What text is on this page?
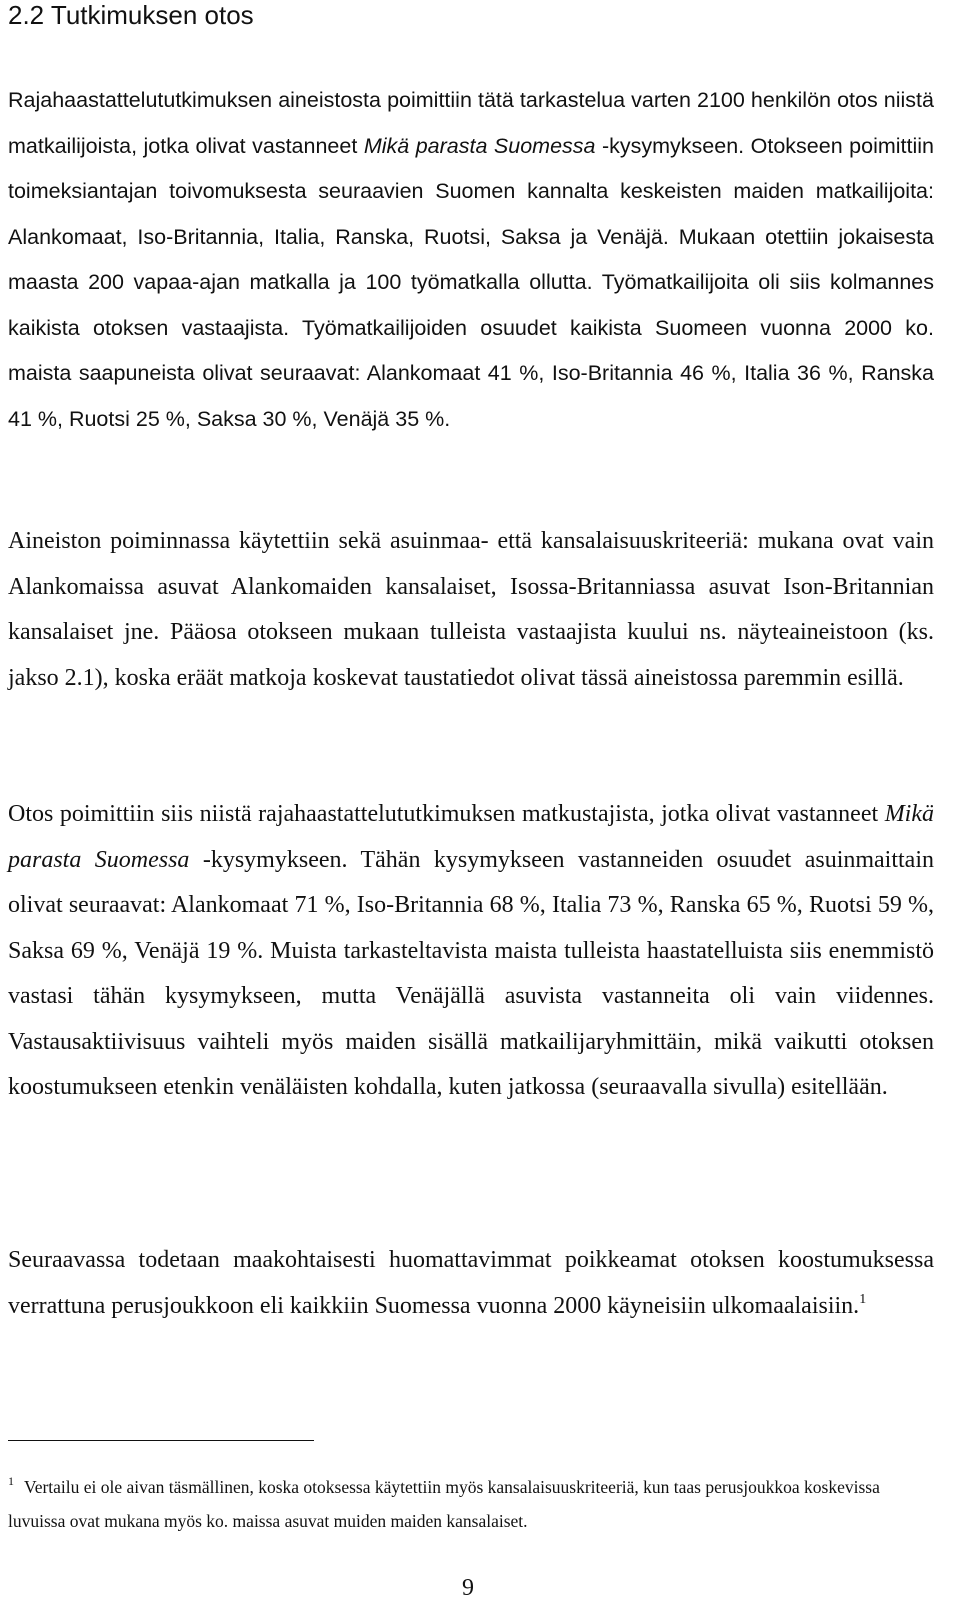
2.2 Tutkimuksen otos

Rajahaastattelututkimuksen aineistosta poimittiin tätä tarkastelua varten 2100 henkilön otos niistä matkailijoista, jotka olivat vastanneet Mikä parasta Suomessa -kysymykseen. Otokseen poimittiin toimeksiantajan toivomuksesta seuraavien Suomen kannalta keskeisten maiden matkailijoita: Alankomaat, Iso-Britannia, Italia, Ranska, Ruotsi, Saksa ja Venäjä. Mukaan otettiin jokaisesta maasta 200 vapaa-ajan matkalla ja 100 työmatkalla ollutta. Työmatkailijoita oli siis kolmannes kaikista otoksen vastaajista. Työmatkailijoiden osuudet kaikista Suomeen vuonna 2000 ko. maista saapuneista olivat seuraavat: Alankomaat 41 %, Iso-Britannia 46 %, Italia 36 %, Ranska 41 %, Ruotsi 25 %, Saksa 30 %, Venäjä 35 %.

Aineiston poiminnassa käytettiin sekä asuinmaa- että kansalaisuuskriteeriä: mukana ovat vain Alankomaissa asuvat Alankomaiden kansalaiset, Isossa-Britanniassa asuvat Ison-Britannian kansalaiset jne. Pääosa otokseen mukaan tulleista vastaajista kuului ns. näyteaineistoon (ks. jakso 2.1), koska eräät matkoja koskevat taustatiedot olivat tässä aineistossa paremmin esillä.

Otos poimittiin siis niistä rajahaastattelututkimuksen matkustajista, jotka olivat vastanneet Mikä parasta Suomessa -kysymykseen. Tähän kysymykseen vastanneiden osuudet asuinmaittain olivat seuraavat: Alankomaat 71 %, Iso-Britannia 68 %, Italia 73 %, Ranska 65 %, Ruotsi 59 %, Saksa 69 %, Venäjä 19 %. Muista tarkasteltavista maista tulleista haastatelluista siis enemmistö vastasi tähän kysymykseen, mutta Venäjällä asuvista vastanneita oli vain viidennes. Vastausaktiivisuus vaihteli myös maiden sisällä matkailijaryhmittäin, mikä vaikutti otoksen koostumukseen etenkin venäläisten kohdalla, kuten jatkossa (seuraavalla sivulla) esitellään.

Seuraavassa todetaan maakohtaisesti huomattavimmat poikkeamat otoksen koostumuksessa verrattuna perusjoukkoon eli kaikkiin Suomessa vuonna 2000 käyneisiin ulkomaalaisiin.$^1$

$^1$ Vertailu ei ole aivan täsmällinen, koska otoksessa käytettiin myös kansalaisuuskriteeriä, kun taas perusjoukkoa koskevissa luvuissa ovat mukana myös ko. maissa asuvat muiden maiden kansalaiset.

9
